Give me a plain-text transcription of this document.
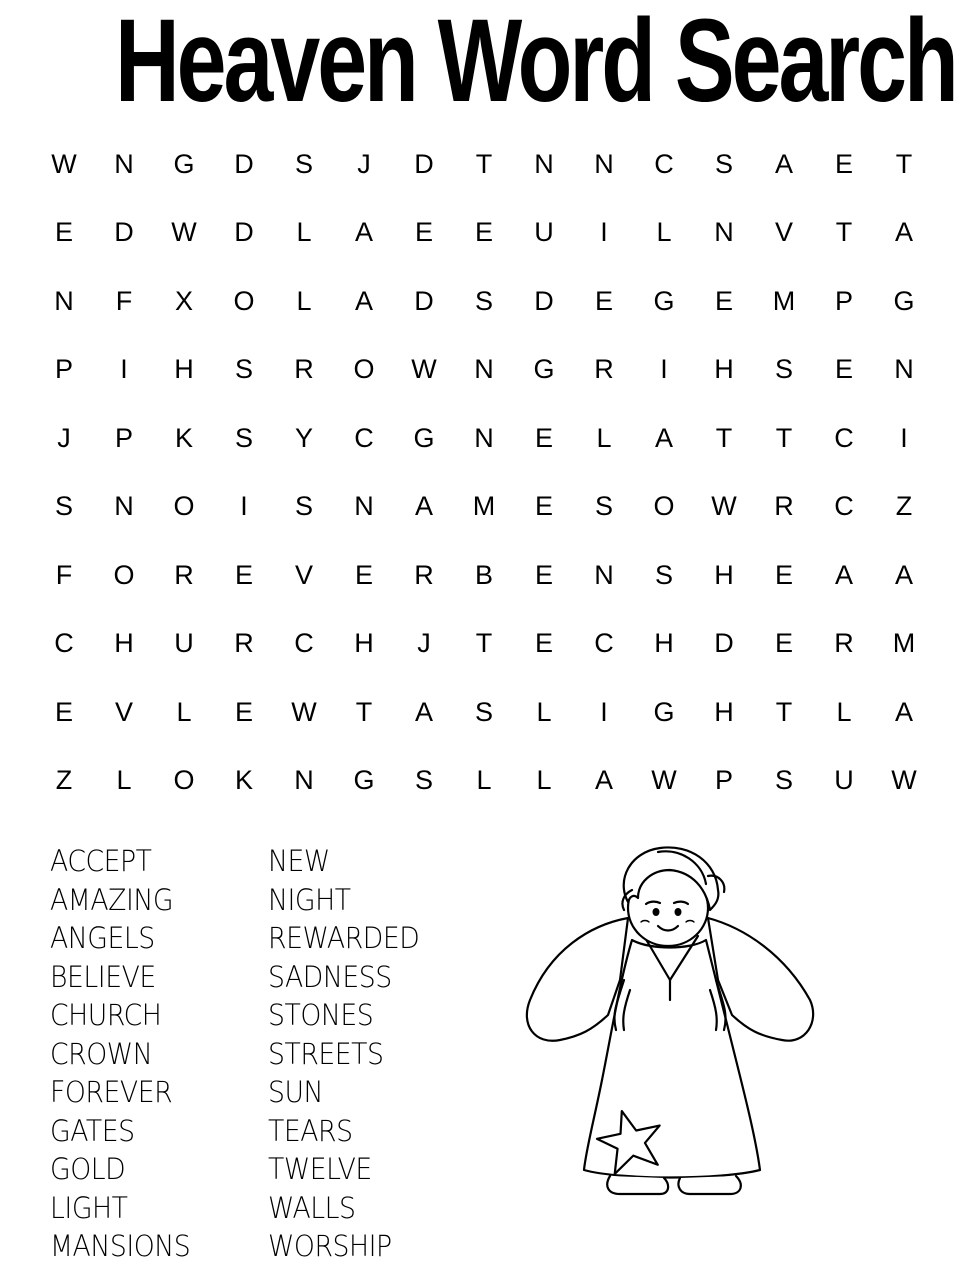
Heaven Word Search
W	N	G	D	S	J	D	T	N	N	C	S	A	E	T
E	D	W	D	L	A	E	E	U	I	L	N	V	T	A
N	F	X	O	L	A	D	S	D	E	G	E	M	P	G
P	I	H	S	R	O	W	N	G	R	I	H	S	E	N
J	P	K	S	Y	C	G	N	E	L	A	T	T	C	I
S	N	O	I	S	N	A	M	E	S	O	W	R	C	Z
F	O	R	E	V	E	R	B	E	N	S	H	E	A	A
C	H	U	R	C	H	J	T	E	C	H	D	E	R	M
E	V	L	E	W	T	A	S	L	I	G	H	T	L	A
Z	L	O	K	N	G	S	L	L	A	W	P	S	U	W
ACCEPT
AMAZING
ANGELS
BELIEVE
CHURCH
CROWN
FOREVER
GATES
GOLD
LIGHT
MANSIONS
NEW
NIGHT
REWARDED
SADNESS
STONES
STREETS
SUN
TEARS
TWELVE
WALLS
WORSHIP
